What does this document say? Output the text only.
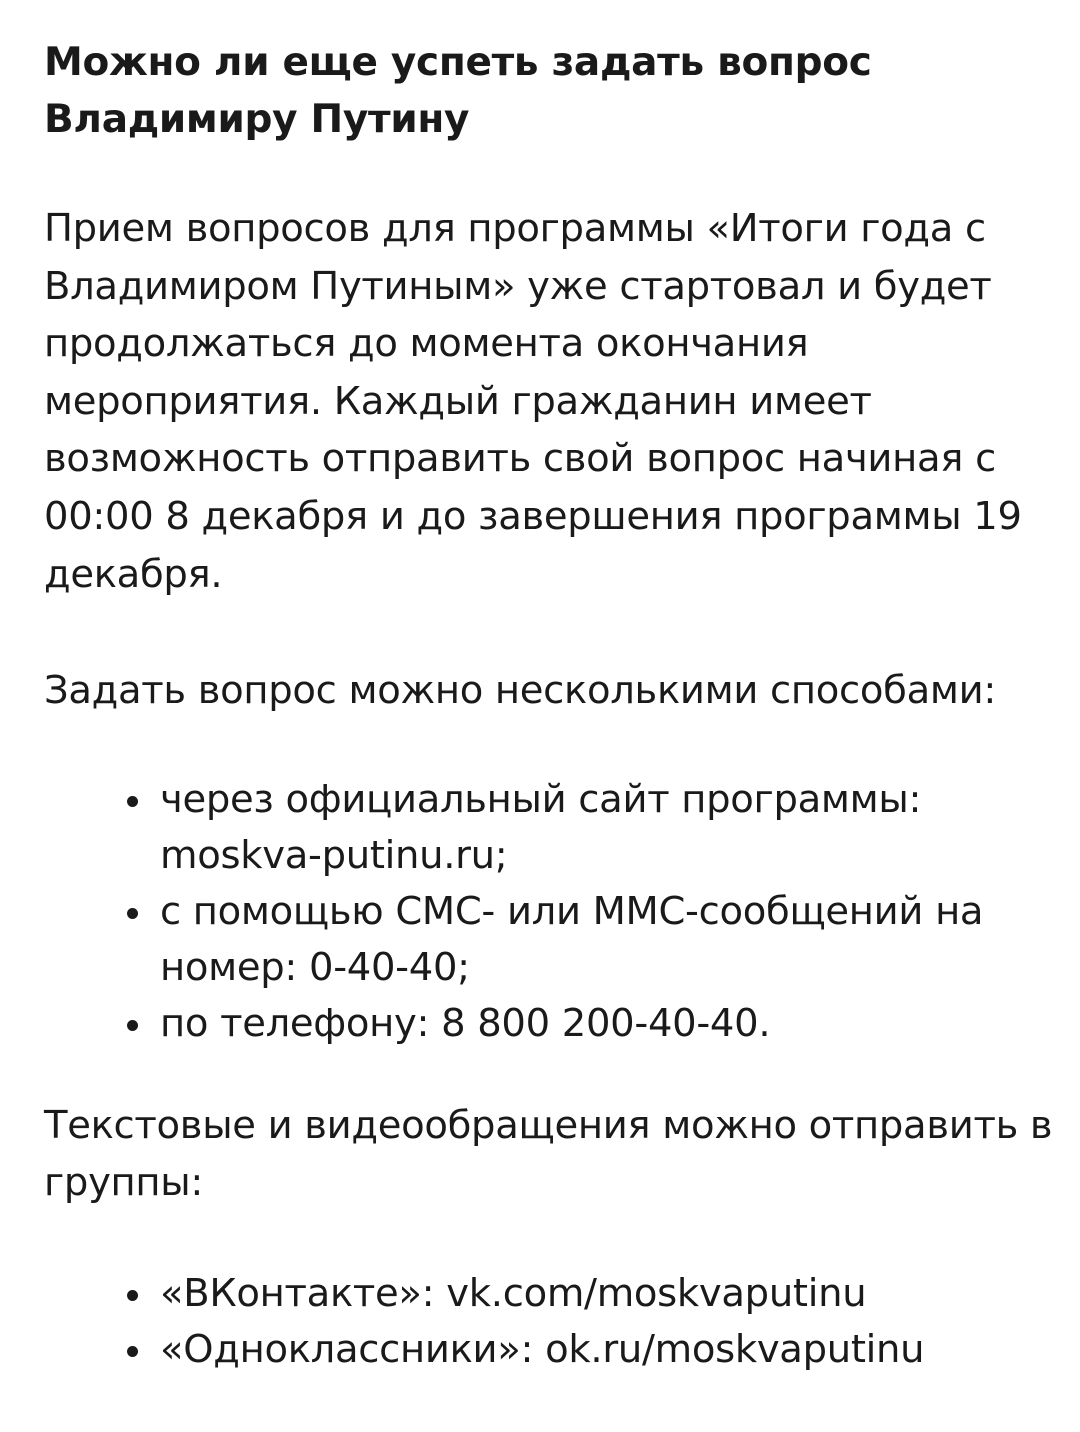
Можно ли еще успеть задать вопрос Владимиру Путину

Прием вопросов для программы «Итоги года с Владимиром Путиным» уже стартовал и будет продолжаться до момента окончания мероприятия. Каждый гражданин имеет возможность отправить свой вопрос начиная с 00:00 8 декабря и до завершения программы 19 декабря.

Задать вопрос можно несколькими способами:

через официальный сайт программы: moskva-putinu.ru;
с помощью СМС- или ММС-сообщений на номер: 0-40-40;
по телефону: 8 800 200-40-40.

Текстовые и видеообращения можно отправить в группы:

«ВКонтакте»: vk.com/moskvaputinu
«Одноклассники»: ok.ru/moskvaputinu
